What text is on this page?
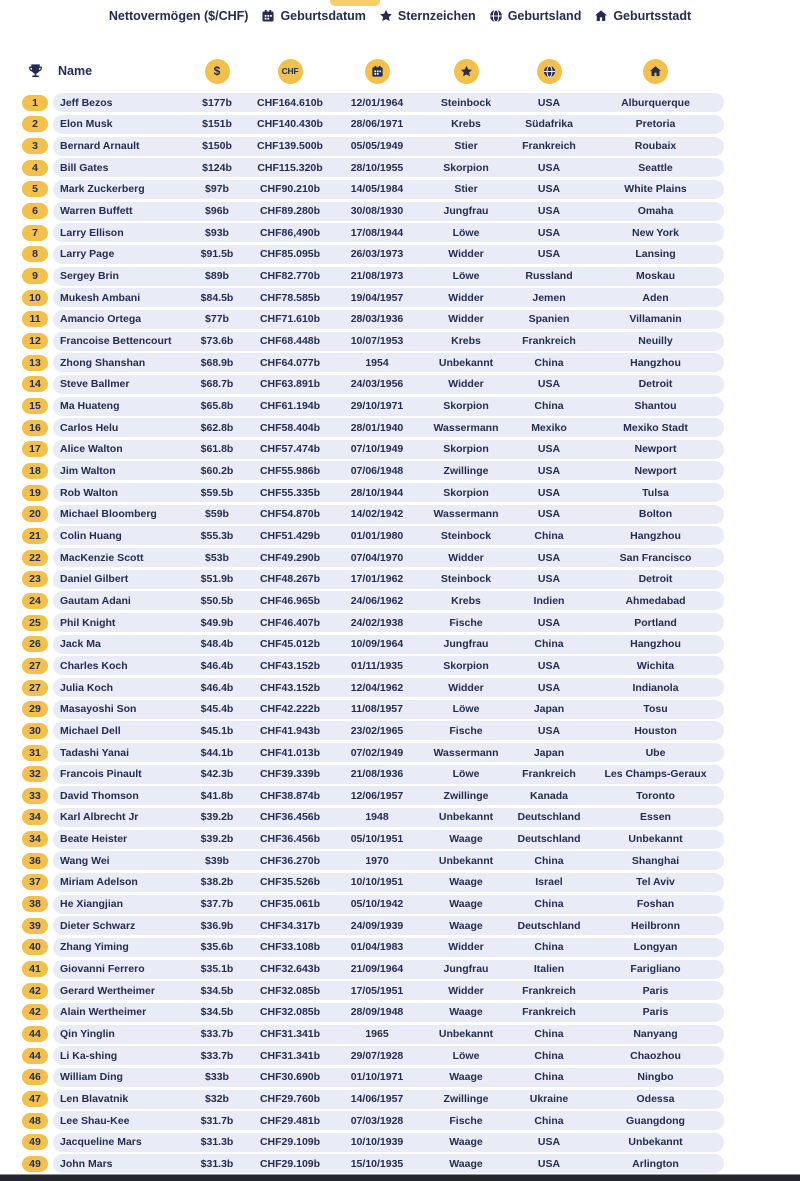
Nettovermögen ($/CHF)	Geburtsdatum	Sternzeichen	Geburtsland	Geburtsstadt
Name	$	CHF
1	Jeff Bezos	$177b	CHF164.610b	12/01/1964	Steinbock	USA	Alburquerque
2	Elon Musk	$151b	CHF140.430b	28/06/1971	Krebs	Südafrika	Pretoria
3	Bernard Arnault	$150b	CHF139.500b	05/05/1949	Stier	Frankreich	Roubaix
4	Bill Gates	$124b	CHF115.320b	28/10/1955	Skorpion	USA	Seattle
5	Mark Zuckerberg	$97b	CHF90.210b	14/05/1984	Stier	USA	White Plains
6	Warren Buffett	$96b	CHF89.280b	30/08/1930	Jungfrau	USA	Omaha
7	Larry Ellison	$93b	CHF86,490b	17/08/1944	Löwe	USA	New York
8	Larry Page	$91.5b	CHF85.095b	26/03/1973	Widder	USA	Lansing
9	Sergey Brin	$89b	CHF82.770b	21/08/1973	Löwe	Russland	Moskau
10	Mukesh Ambani	$84.5b	CHF78.585b	19/04/1957	Widder	Jemen	Aden
11	Amancio Ortega	$77b	CHF71.610b	28/03/1936	Widder	Spanien	Villamanin
12	Francoise Bettencourt	$73.6b	CHF68.448b	10/07/1953	Krebs	Frankreich	Neuilly
13	Zhong Shanshan	$68.9b	CHF64.077b	1954	Unbekannt	China	Hangzhou
14	Steve Ballmer	$68.7b	CHF63.891b	24/03/1956	Widder	USA	Detroit
15	Ma Huateng	$65.8b	CHF61.194b	29/10/1971	Skorpion	China	Shantou
16	Carlos Helu	$62.8b	CHF58.404b	28/01/1940	Wassermann	Mexiko	Mexiko Stadt
17	Alice Walton	$61.8b	CHF57.474b	07/10/1949	Skorpion	USA	Newport
18	Jim Walton	$60.2b	CHF55.986b	07/06/1948	Zwillinge	USA	Newport
19	Rob Walton	$59.5b	CHF55.335b	28/10/1944	Skorpion	USA	Tulsa
20	Michael Bloomberg	$59b	CHF54.870b	14/02/1942	Wassermann	USA	Bolton
21	Colin Huang	$55.3b	CHF51.429b	01/01/1980	Steinbock	China	Hangzhou
22	MacKenzie Scott	$53b	CHF49.290b	07/04/1970	Widder	USA	San Francisco
23	Daniel Gilbert	$51.9b	CHF48.267b	17/01/1962	Steinbock	USA	Detroit
24	Gautam Adani	$50.5b	CHF46.965b	24/06/1962	Krebs	Indien	Ahmedabad
25	Phil Knight	$49.9b	CHF46.407b	24/02/1938	Fische	USA	Portland
26	Jack Ma	$48.4b	CHF45.012b	10/09/1964	Jungfrau	China	Hangzhou
27	Charles Koch	$46.4b	CHF43.152b	01/11/1935	Skorpion	USA	Wichita
27	Julia Koch	$46.4b	CHF43.152b	12/04/1962	Widder	USA	Indianola
29	Masayoshi Son	$45.4b	CHF42.222b	11/08/1957	Löwe	Japan	Tosu
30	Michael Dell	$45.1b	CHF41.943b	23/02/1965	Fische	USA	Houston
31	Tadashi Yanai	$44.1b	CHF41.013b	07/02/1949	Wassermann	Japan	Ube
32	Francois Pinault	$42.3b	CHF39.339b	21/08/1936	Löwe	Frankreich	Les Champs-Geraux
33	David Thomson	$41.8b	CHF38.874b	12/06/1957	Zwillinge	Kanada	Toronto
34	Karl Albrecht Jr	$39.2b	CHF36.456b	1948	Unbekannt	Deutschland	Essen
34	Beate Heister	$39.2b	CHF36.456b	05/10/1951	Waage	Deutschland	Unbekannt
36	Wang Wei	$39b	CHF36.270b	1970	Unbekannt	China	Shanghai
37	Miriam Adelson	$38.2b	CHF35.526b	10/10/1951	Waage	Israel	Tel Aviv
38	He Xiangjian	$37.7b	CHF35.061b	05/10/1942	Waage	China	Foshan
39	Dieter Schwarz	$36.9b	CHF34.317b	24/09/1939	Waage	Deutschland	Heilbronn
40	Zhang Yiming	$35.6b	CHF33.108b	01/04/1983	Widder	China	Longyan
41	Giovanni Ferrero	$35.1b	CHF32.643b	21/09/1964	Jungfrau	Italien	Farigliano
42	Gerard Wertheimer	$34.5b	CHF32.085b	17/05/1951	Widder	Frankreich	Paris
42	Alain Wertheimer	$34.5b	CHF32.085b	28/09/1948	Waage	Frankreich	Paris
44	Qin Yinglin	$33.7b	CHF31.341b	1965	Unbekannt	China	Nanyang
44	Li Ka-shing	$33.7b	CHF31.341b	29/07/1928	Löwe	China	Chaozhou
46	William Ding	$33b	CHF30.690b	01/10/1971	Waage	China	Ningbo
47	Len Blavatnik	$32b	CHF29.760b	14/06/1957	Zwillinge	Ukraine	Odessa
48	Lee Shau-Kee	$31.7b	CHF29.481b	07/03/1928	Fische	China	Guangdong
49	Jacqueline Mars	$31.3b	CHF29.109b	10/10/1939	Waage	USA	Unbekannt
49	John Mars	$31.3b	CHF29.109b	15/10/1935	Waage	USA	Arlington
